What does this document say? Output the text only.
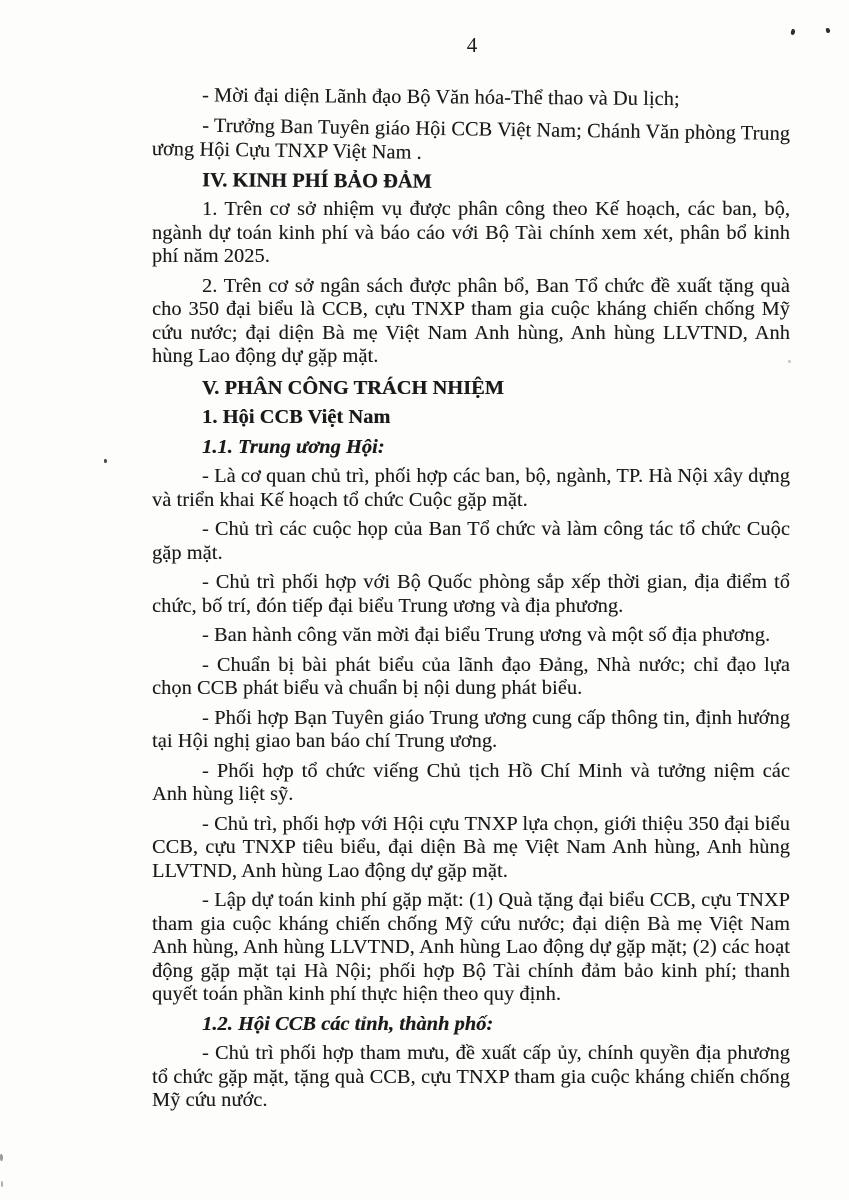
4

- Mời đại diện Lãnh đạo Bộ Văn hóa-Thể thao và Du lịch;

- Trưởng Ban Tuyên giáo Hội CCB Việt Nam; Chánh Văn phòng Trung ương Hội Cựu TNXP Việt Nam .

IV. KINH PHÍ BẢO ĐẢM

1. Trên cơ sở nhiệm vụ được phân công theo Kế hoạch, các ban, bộ, ngành dự toán kinh phí và báo cáo với Bộ Tài chính xem xét, phân bổ kinh phí năm 2025.

2. Trên cơ sở ngân sách được phân bổ, Ban Tổ chức đề xuất tặng quà cho 350 đại biểu là CCB, cựu TNXP tham gia cuộc kháng chiến chống Mỹ cứu nước; đại diện Bà mẹ Việt Nam Anh hùng, Anh hùng LLVTND, Anh hùng Lao động dự gặp mặt.

V. PHÂN CÔNG TRÁCH NHIỆM

1. Hội CCB Việt Nam

1.1. Trung ương Hội:

- Là cơ quan chủ trì, phối hợp các ban, bộ, ngành, TP. Hà Nội xây dựng và triển khai Kế hoạch tổ chức Cuộc gặp mặt.

- Chủ trì các cuộc họp của Ban Tổ chức và làm công tác tổ chức Cuộc gặp mặt.

- Chủ trì phối hợp với Bộ Quốc phòng sắp xếp thời gian, địa điểm tổ chức, bố trí, đón tiếp đại biểu Trung ương và địa phương.

- Ban hành công văn mời đại biểu Trung ương và một số địa phương.

- Chuẩn bị bài phát biểu của lãnh đạo Đảng, Nhà nước; chỉ đạo lựa chọn CCB phát biểu và chuẩn bị nội dung phát biểu.

- Phối hợp Bạn Tuyên giáo Trung ương cung cấp thông tin, định hướng tại Hội nghị giao ban báo chí Trung ương.

- Phối hợp tổ chức viếng Chủ tịch Hồ Chí Minh và tưởng niệm các Anh hùng liệt sỹ.

- Chủ trì, phối hợp với Hội cựu TNXP lựa chọn, giới thiệu 350 đại biểu CCB, cựu TNXP tiêu biểu, đại diện Bà mẹ Việt Nam Anh hùng, Anh hùng LLVTND, Anh hùng Lao động dự gặp mặt.

- Lập dự toán kinh phí gặp mặt: (1) Quà tặng đại biểu CCB, cựu TNXP tham gia cuộc kháng chiến chống Mỹ cứu nước; đại diện Bà mẹ Việt Nam Anh hùng, Anh hùng LLVTND, Anh hùng Lao động dự gặp mặt; (2) các hoạt động gặp mặt tại Hà Nội; phối hợp Bộ Tài chính đảm bảo kinh phí; thanh quyết toán phần kinh phí thực hiện theo quy định.

1.2. Hội CCB các tỉnh, thành phố:

- Chủ trì phối hợp tham mưu, đề xuất cấp ủy, chính quyền địa phương tổ chức gặp mặt, tặng quà CCB, cựu TNXP tham gia cuộc kháng chiến chống Mỹ cứu nước.
